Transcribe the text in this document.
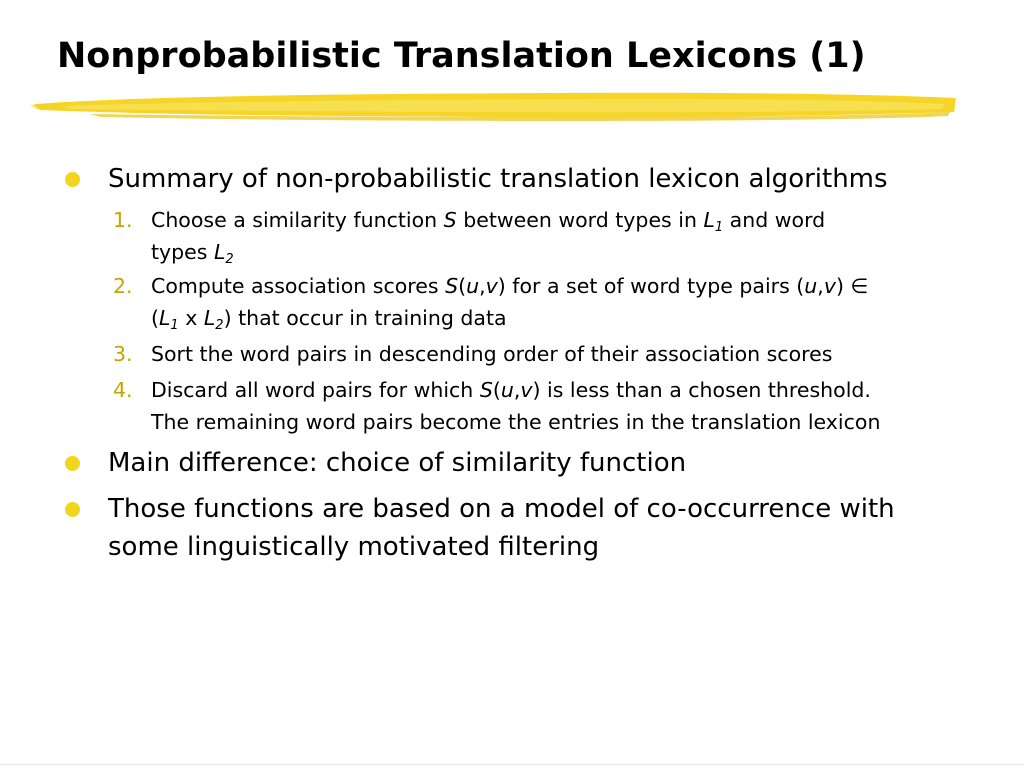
Nonprobabilistic Translation Lexicons (1)
Summary of non-probabilistic translation lexicon algorithms
1. Choose a similarity function S between word types in $L_1$ and word
types $L_2$
2. Compute association scores S(u,v) for a set of word type pairs (u,v) ∈
($L_1$ x $L_2$) that occur in training data
3. Sort the word pairs in descending order of their association scores
4. Discard all word pairs for which S(u,v) is less than a chosen threshold.
The remaining word pairs become the entries in the translation lexicon
Main difference: choice of similarity function
Those functions are based on a model of co-occurrence with
some linguistically motivated filtering
